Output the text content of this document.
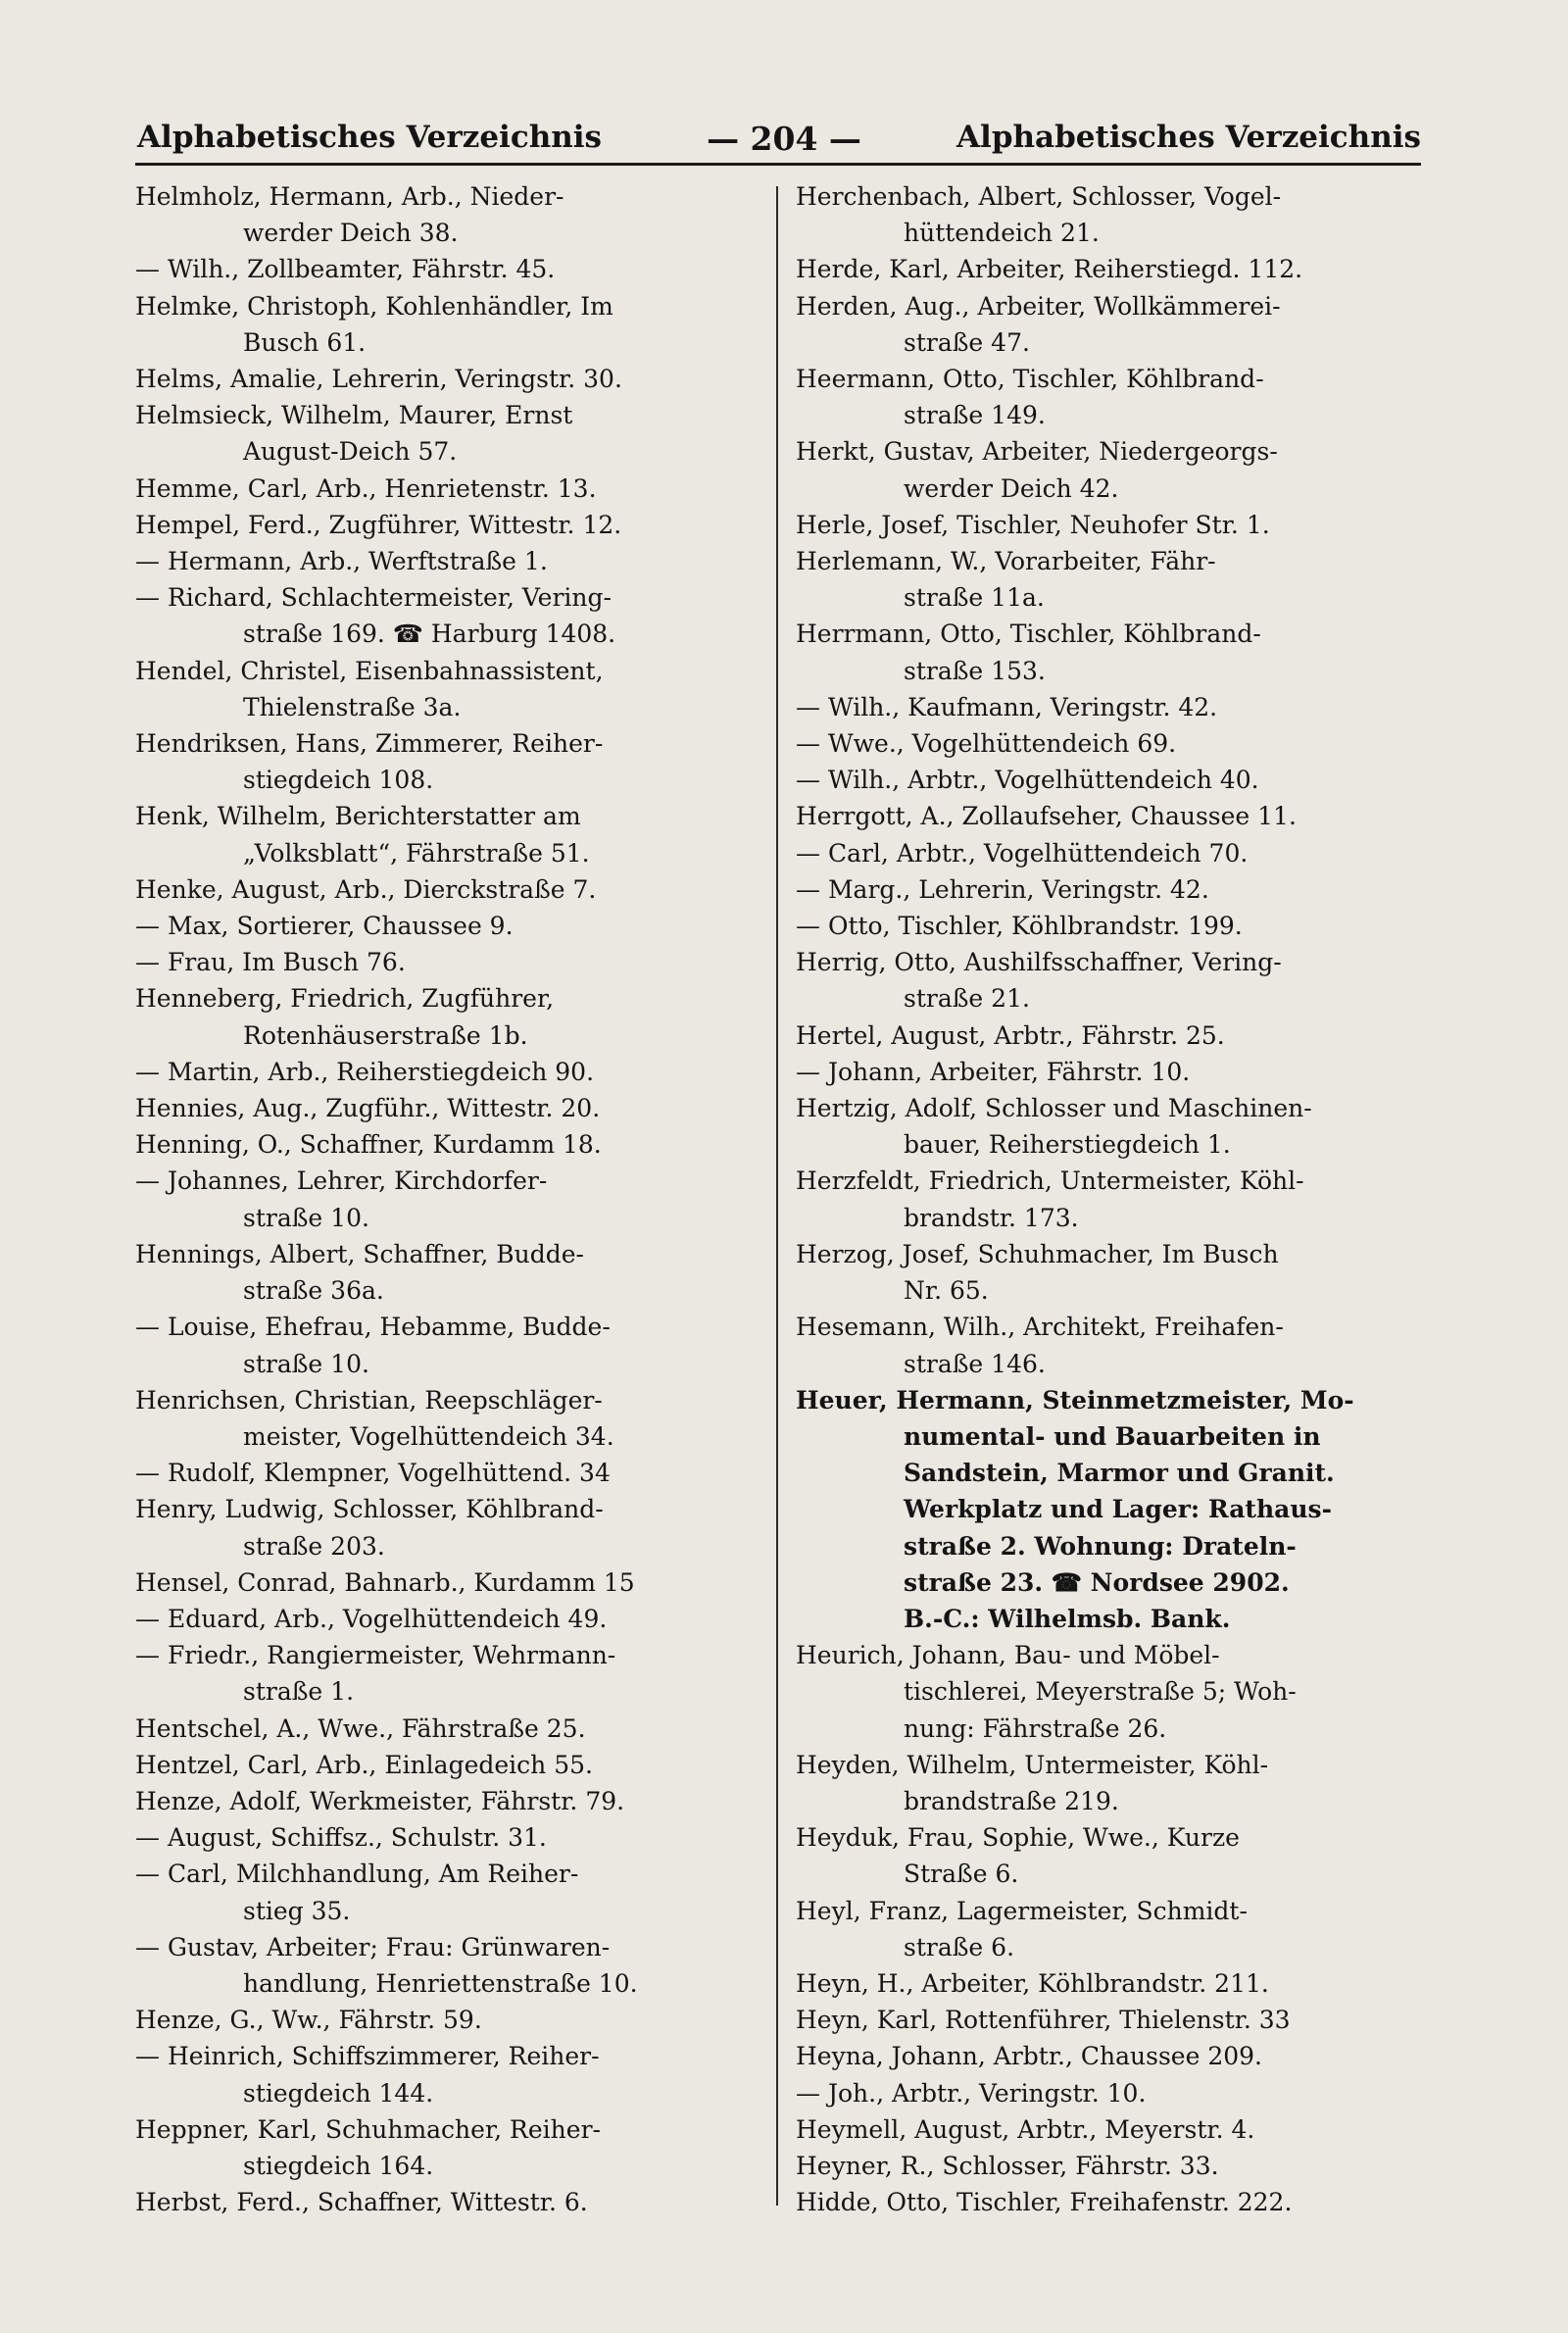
Alphabetisches Verzeichnis	— 204 —	Alphabetisches Verzeichnis
Helmholz, Hermann, Arb., Nieder-
werder Deich 38.
— Wilh., Zollbeamter, Fährstr. 45.
Helmke, Christoph, Kohlenhändler, Im
Busch 61.
Helms, Amalie, Lehrerin, Veringstr. 30.
Helmsieck, Wilhelm, Maurer, Ernst
August-Deich 57.
Hemme, Carl, Arb., Henrietenstr. 13.
Hempel, Ferd., Zugführer, Wittestr. 12.
— Hermann, Arb., Werftstraße 1.
— Richard, Schlachtermeister, Vering-
straße 169. ☎ Harburg 1408.
Hendel, Christel, Eisenbahnassistent,
Thielenstraße 3a.
Hendriksen, Hans, Zimmerer, Reiher-
stiegdeich 108.
Henk, Wilhelm, Berichterstatter am
„Volksblatt“, Fährstraße 51.
Henke, August, Arb., Dierckstraße 7.
— Max, Sortierer, Chaussee 9.
— Frau, Im Busch 76.
Henneberg, Friedrich, Zugführer,
Rotenhäuserstraße 1b.
— Martin, Arb., Reiherstiegdeich 90.
Hennies, Aug., Zugführ., Wittestr. 20.
Henning, O., Schaffner, Kurdamm 18.
— Johannes, Lehrer, Kirchdorfer-
straße 10.
Hennings, Albert, Schaffner, Budde-
straße 36a.
— Louise, Ehefrau, Hebamme, Budde-
straße 10.
Henrichsen, Christian, Reepschläger-
meister, Vogelhüttendeich 34.
— Rudolf, Klempner, Vogelhüttend. 34
Henry, Ludwig, Schlosser, Köhlbrand-
straße 203.
Hensel, Conrad, Bahnarb., Kurdamm 15
— Eduard, Arb., Vogelhüttendeich 49.
— Friedr., Rangiermeister, Wehrmann-
straße 1.
Hentschel, A., Wwe., Fährstraße 25.
Hentzel, Carl, Arb., Einlagedeich 55.
Henze, Adolf, Werkmeister, Fährstr. 79.
— August, Schiffsz., Schulstr. 31.
— Carl, Milchhandlung, Am Reiher-
stieg 35.
— Gustav, Arbeiter; Frau: Grünwaren-
handlung, Henriettenstraße 10.
Henze, G., Ww., Fährstr. 59.
— Heinrich, Schiffszimmerer, Reiher-
stiegdeich 144.
Heppner, Karl, Schuhmacher, Reiher-
stiegdeich 164.
Herbst, Ferd., Schaffner, Wittestr. 6.
Herchenbach, Albert, Schlosser, Vogel-
hüttendeich 21.
Herde, Karl, Arbeiter, Reiherstiegd. 112.
Herden, Aug., Arbeiter, Wollkämmerei-
straße 47.
Heermann, Otto, Tischler, Köhlbrand-
straße 149.
Herkt, Gustav, Arbeiter, Niedergeorgs-
werder Deich 42.
Herle, Josef, Tischler, Neuhofer Str. 1.
Herlemann, W., Vorarbeiter, Fähr-
straße 11a.
Herrmann, Otto, Tischler, Köhlbrand-
straße 153.
— Wilh., Kaufmann, Veringstr. 42.
— Wwe., Vogelhüttendeich 69.
— Wilh., Arbtr., Vogelhüttendeich 40.
Herrgott, A., Zollaufseher, Chaussee 11.
— Carl, Arbtr., Vogelhüttendeich 70.
— Marg., Lehrerin, Veringstr. 42.
— Otto, Tischler, Köhlbrandstr. 199.
Herrig, Otto, Aushilfsschaffner, Vering-
straße 21.
Hertel, August, Arbtr., Fährstr. 25.
— Johann, Arbeiter, Fährstr. 10.
Hertzig, Adolf, Schlosser und Maschinen-
bauer, Reiherstiegdeich 1.
Herzfeldt, Friedrich, Untermeister, Köhl-
brandstr. 173.
Herzog, Josef, Schuhmacher, Im Busch
Nr. 65.
Hesemann, Wilh., Architekt, Freihafen-
straße 146.
Heuer, Hermann, Steinmetzmeister, Mo-
numental- und Bauarbeiten in
Sandstein, Marmor und Granit.
Werkplatz und Lager: Rathaus-
straße 2. Wohnung: Drateln-
straße 23. ☎ Nordsee 2902.
B.-C.: Wilhelmsb. Bank.
Heurich, Johann, Bau- und Möbel-
tischlerei, Meyerstraße 5; Woh-
nung: Fährstraße 26.
Heyden, Wilhelm, Untermeister, Köhl-
brandstraße 219.
Heyduk, Frau, Sophie, Wwe., Kurze
Straße 6.
Heyl, Franz, Lagermeister, Schmidt-
straße 6.
Heyn, H., Arbeiter, Köhlbrandstr. 211.
Heyn, Karl, Rottenführer, Thielenstr. 33
Heyna, Johann, Arbtr., Chaussee 209.
— Joh., Arbtr., Veringstr. 10.
Heymell, August, Arbtr., Meyerstr. 4.
Heyner, R., Schlosser, Fährstr. 33.
Hidde, Otto, Tischler, Freihafenstr. 222.
